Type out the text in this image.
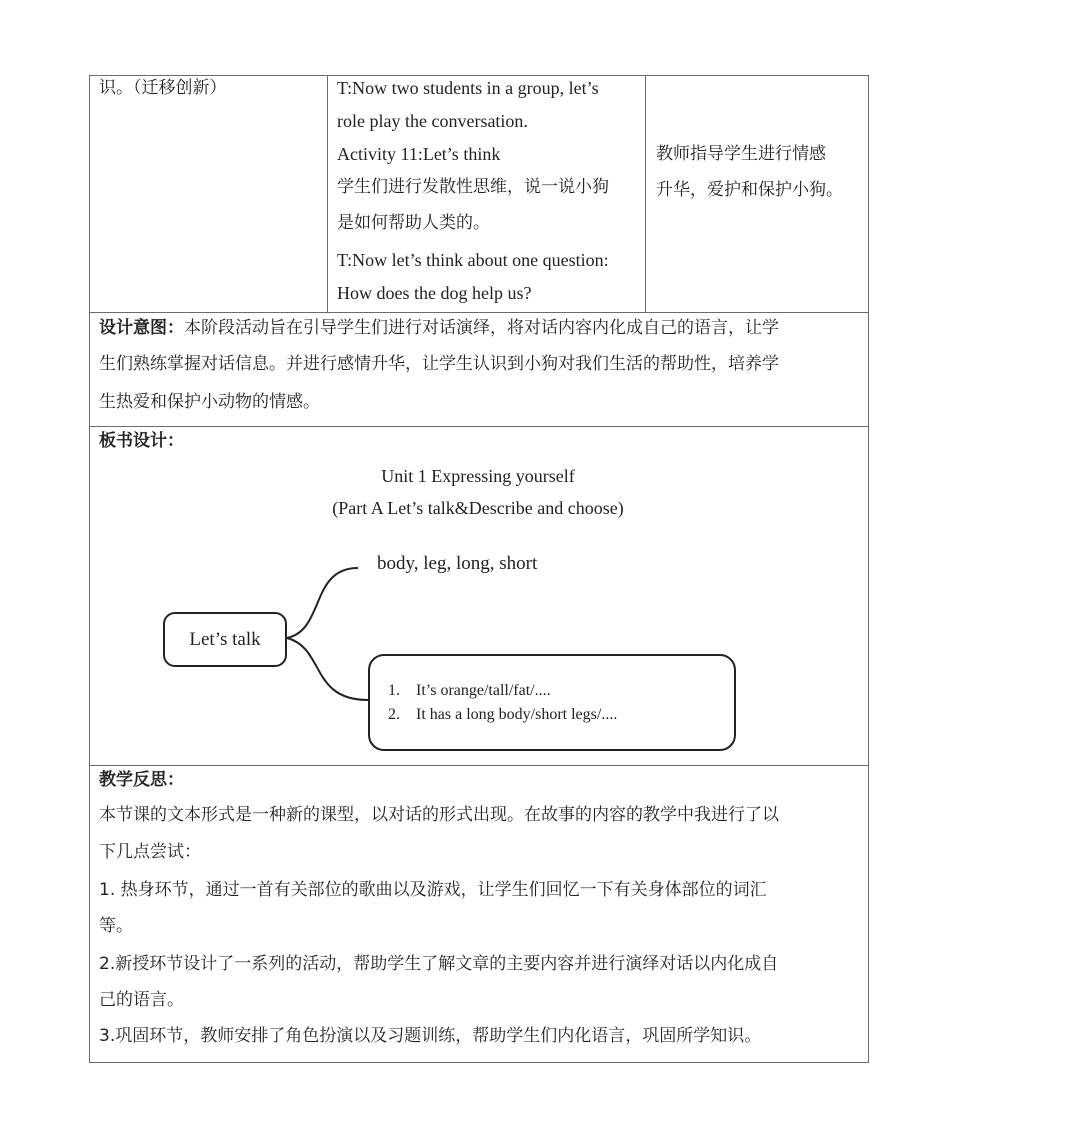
识。（迁移创新）	T:Now two students in a group, let’s
role play the conversation.
Activity 11:Let’s think
学生们进行发散性思维，说一说小狗
是如何帮助人类的。
T:Now let’s think about one question:
How does the dog help us?
教师指导学生进行情感
升华，爱护和保护小狗。
设计意图：本阶段活动旨在引导学生们进行对话演绎，将对话内容内化成自己的语言，让学
生们熟练掌握对话信息。并进行感情升华，让学生认识到小狗对我们生活的帮助性，培养学
生热爱和保护小动物的情感。
板书设计：
Unit 1 Expressing yourself
(Part A Let’s talk&Describe and choose)
Let’s talk
body, leg, long, short
1. It’s orange/tall/fat/....
2. It has a long body/short legs/....
教学反思：
本节课的文本形式是一种新的课型，以对话的形式出现。在故事的内容的教学中我进行了以
下几点尝试：
1. 热身环节，通过一首有关部位的歌曲以及游戏，让学生们回忆一下有关身体部位的词汇
等。
2.新授环节设计了一系列的活动，帮助学生了解文章的主要内容并进行演绎对话以内化成自
己的语言。
3.巩固环节，教师安排了角色扮演以及习题训练，帮助学生们内化语言，巩固所学知识。
